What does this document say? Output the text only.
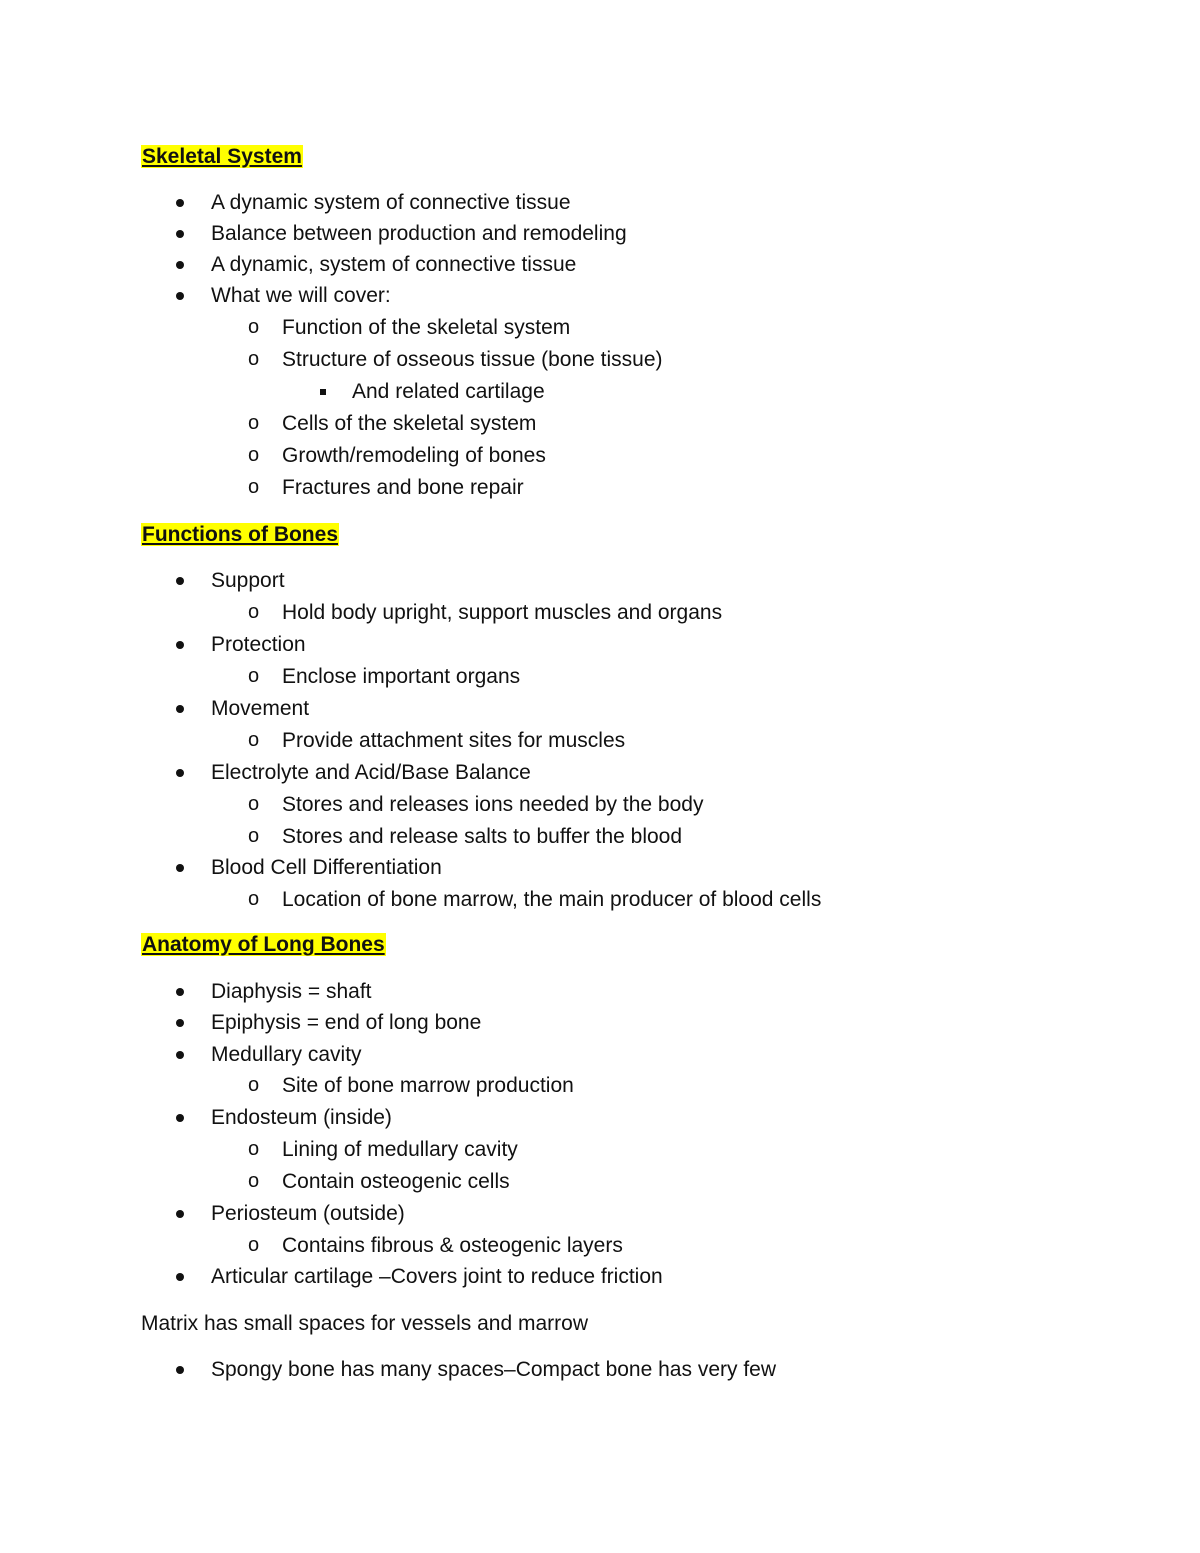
Skeletal System
A dynamic system of connective tissue
Balance between production and remodeling
A dynamic, system of connective tissue
What we will cover:
o Function of the skeletal system
o Structure of osseous tissue (bone tissue)
And related cartilage
o Cells of the skeletal system
o Growth/remodeling of bones
o Fractures and bone repair
Functions of Bones
Support
o Hold body upright, support muscles and organs
Protection
o Enclose important organs
Movement
o Provide attachment sites for muscles
Electrolyte and Acid/Base Balance
o Stores and releases ions needed by the body
o Stores and release salts to buffer the blood
Blood Cell Differentiation
o Location of bone marrow, the main producer of blood cells
Anatomy of Long Bones
Diaphysis = shaft
Epiphysis = end of long bone
Medullary cavity
o Site of bone marrow production
Endosteum (inside)
o Lining of medullary cavity
o Contain osteogenic cells
Periosteum (outside)
o Contains fibrous & osteogenic layers
Articular cartilage –Covers joint to reduce friction
Matrix has small spaces for vessels and marrow
Spongy bone has many spaces–Compact bone has very few
